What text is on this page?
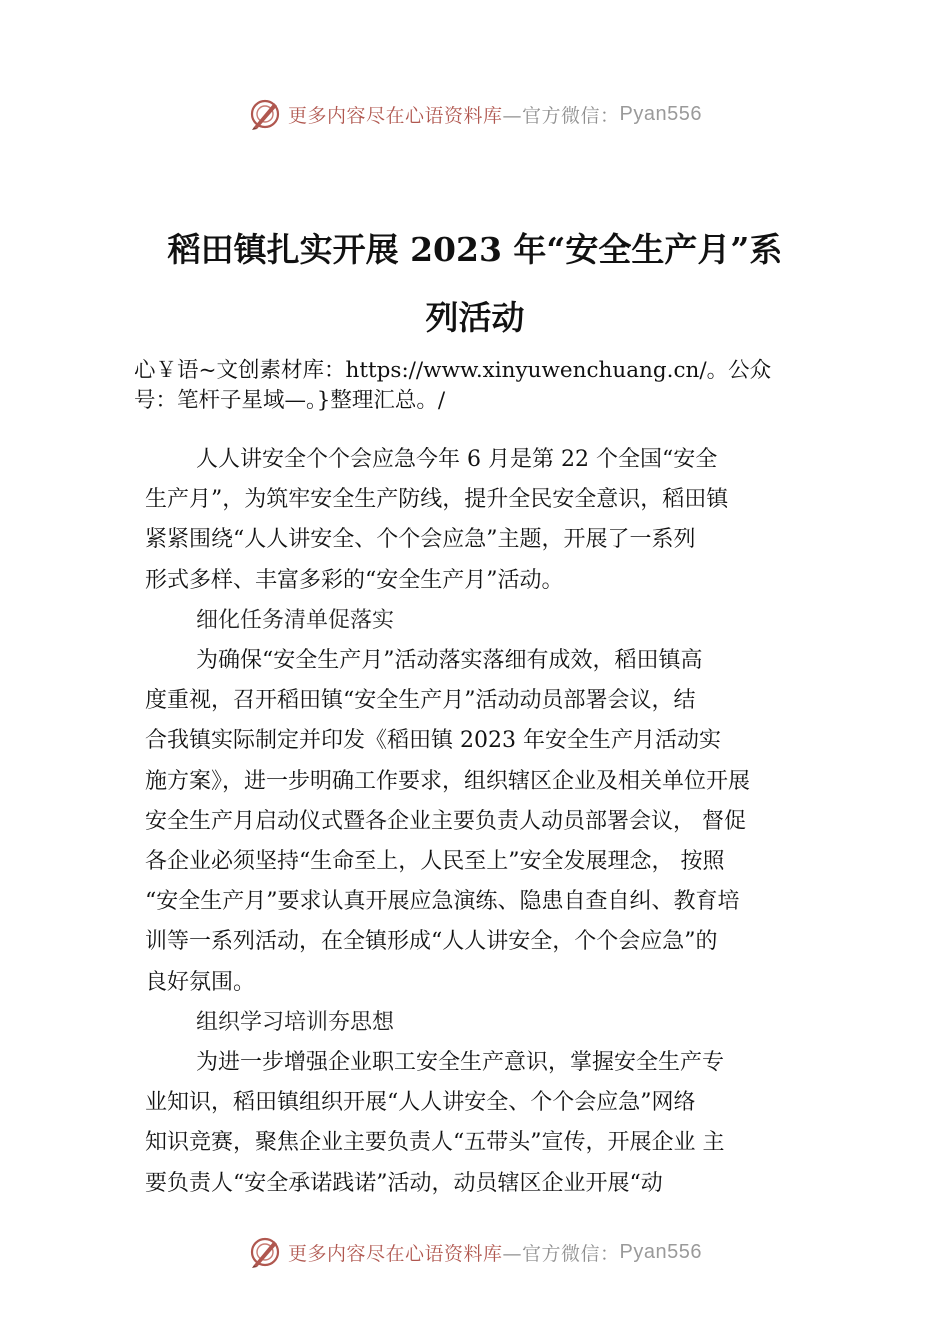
更多内容尽在心语资料库 —官方微信： Pyan556
稻田镇扎实开展 2023 年“安全生产月”系
列活动
心￥语~文创素材库：https://www.xinyuwenchuang.cn/。公众
号：笔杆子星域—。}整理汇总。/
人人讲安全个个会应急今年 6 月是第 22 个全国“安全
生产月”，为筑牢安全生产防线，提升全民安全意识，稻田镇
紧紧围绕“人人讲安全、个个会应急”主题，开展了一系列
形式多样、丰富多彩的“安全生产月”活动。
细化任务清单促落实
为确保“安全生产月”活动落实落细有成效，稻田镇高
度重视，召开稻田镇“安全生产月”活动动员部署会议，结
合我镇实际制定并印发《稻田镇 2023 年安全生产月活动实
施方案》，进一步明确工作要求，组织辖区企业及相关单位开展
安全生产月启动仪式暨各企业主要负责人动员部署会议， 督促
各企业必须坚持“生命至上，人民至上”安全发展理念， 按照
“安全生产月”要求认真开展应急演练、隐患自查自纠、教育培
训等一系列活动，在全镇形成“人人讲安全，个个会应急”的
良好氛围。
组织学习培训夯思想
为进一步增强企业职工安全生产意识，掌握安全生产专
业知识，稻田镇组织开展“人人讲安全、个个会应急”网络
知识竞赛，聚焦企业主要负责人“五带头”宣传，开展企业 主
要负责人“安全承诺践诺”活动，动员辖区企业开展“动
更多内容尽在心语资料库 —官方微信： Pyan556
